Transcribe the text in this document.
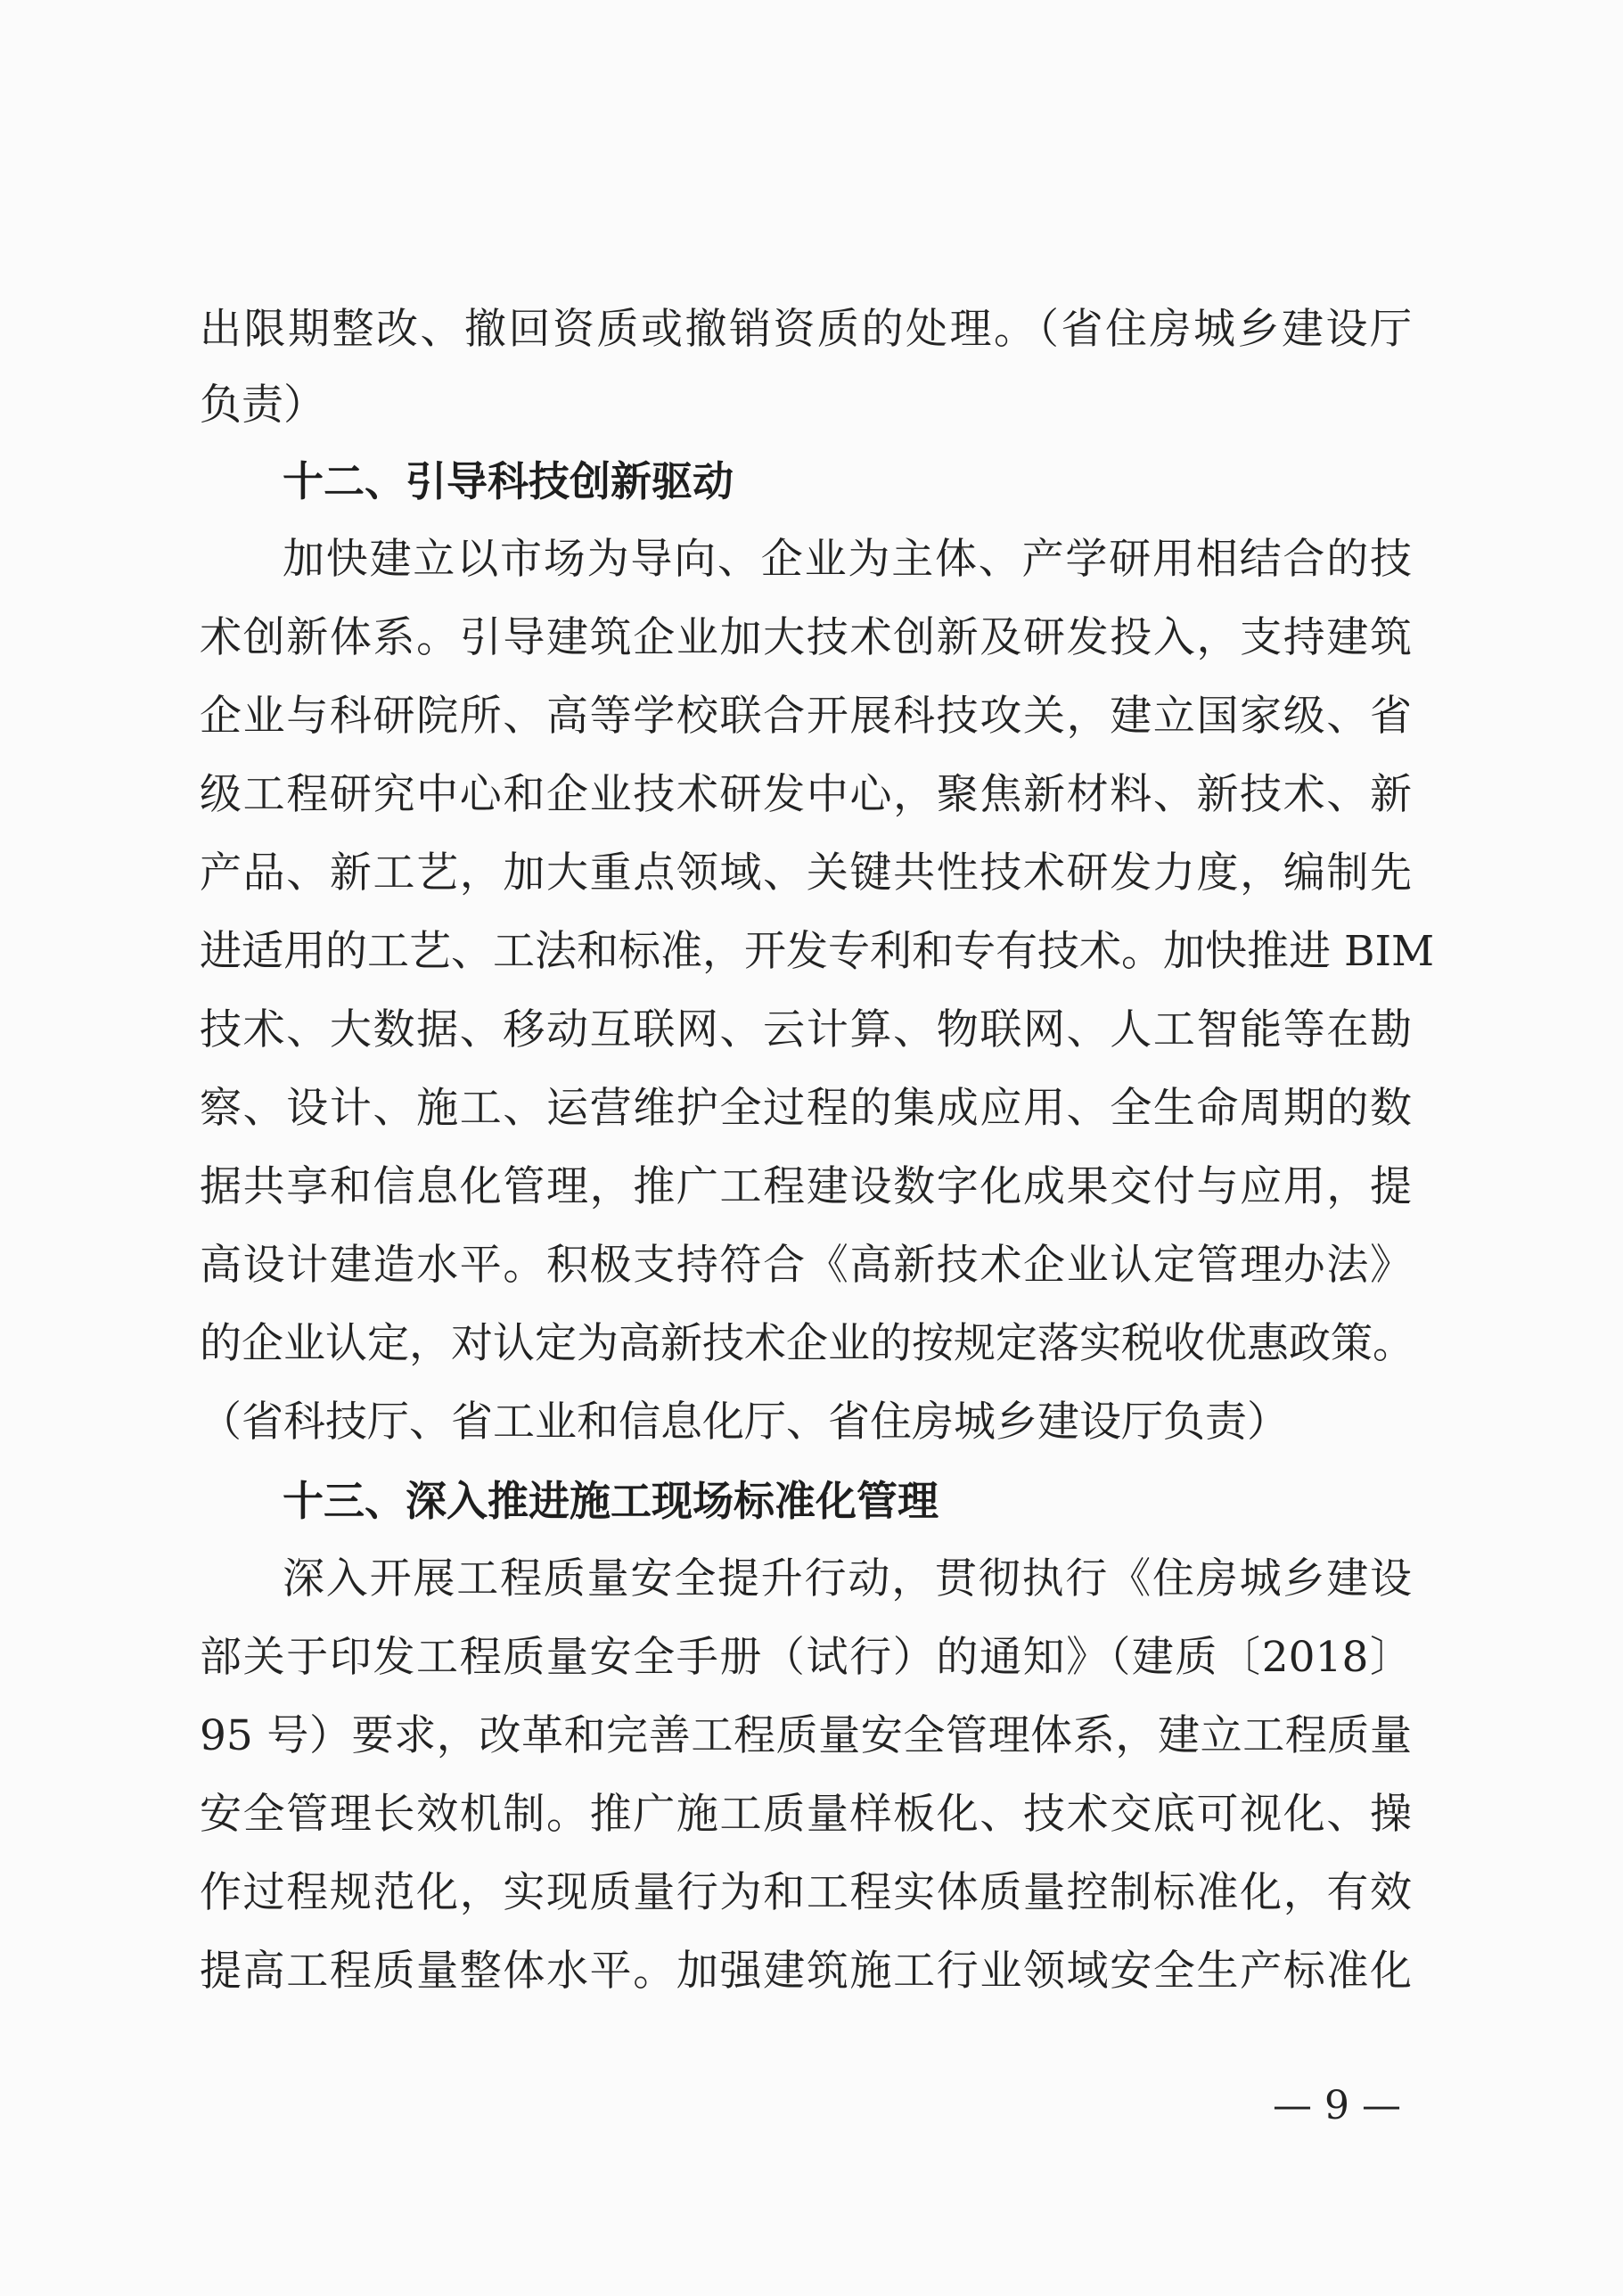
出限期整改、撤回资质或撤销资质的处理。（省住房城乡建设厅
负责）
十二、引导科技创新驱动
加快建立以市场为导向、企业为主体、产学研用相结合的技
术创新体系。引导建筑企业加大技术创新及研发投入，支持建筑
企业与科研院所、高等学校联合开展科技攻关，建立国家级、省
级工程研究中心和企业技术研发中心，聚焦新材料、新技术、新
产品、新工艺，加大重点领域、关键共性技术研发力度，编制先
进适用的工艺、工法和标准，开发专利和专有技术。加快推进 BIM
技术、大数据、移动互联网、云计算、物联网、人工智能等在勘
察、设计、施工、运营维护全过程的集成应用、全生命周期的数
据共享和信息化管理，推广工程建设数字化成果交付与应用，提
高设计建造水平。积极支持符合《高新技术企业认定管理办法》
的企业认定，对认定为高新技术企业的按规定落实税收优惠政策。
（省科技厅、省工业和信息化厅、省住房城乡建设厅负责）
十三、深入推进施工现场标准化管理
深入开展工程质量安全提升行动，贯彻执行《住房城乡建设
部关于印发工程质量安全手册（试行）的通知》（建质〔2018〕
95 号）要求，改革和完善工程质量安全管理体系，建立工程质量
安全管理长效机制。推广施工质量样板化、技术交底可视化、操
作过程规范化，实现质量行为和工程实体质量控制标准化，有效
提高工程质量整体水平。加强建筑施工行业领域安全生产标准化
— 9 —
